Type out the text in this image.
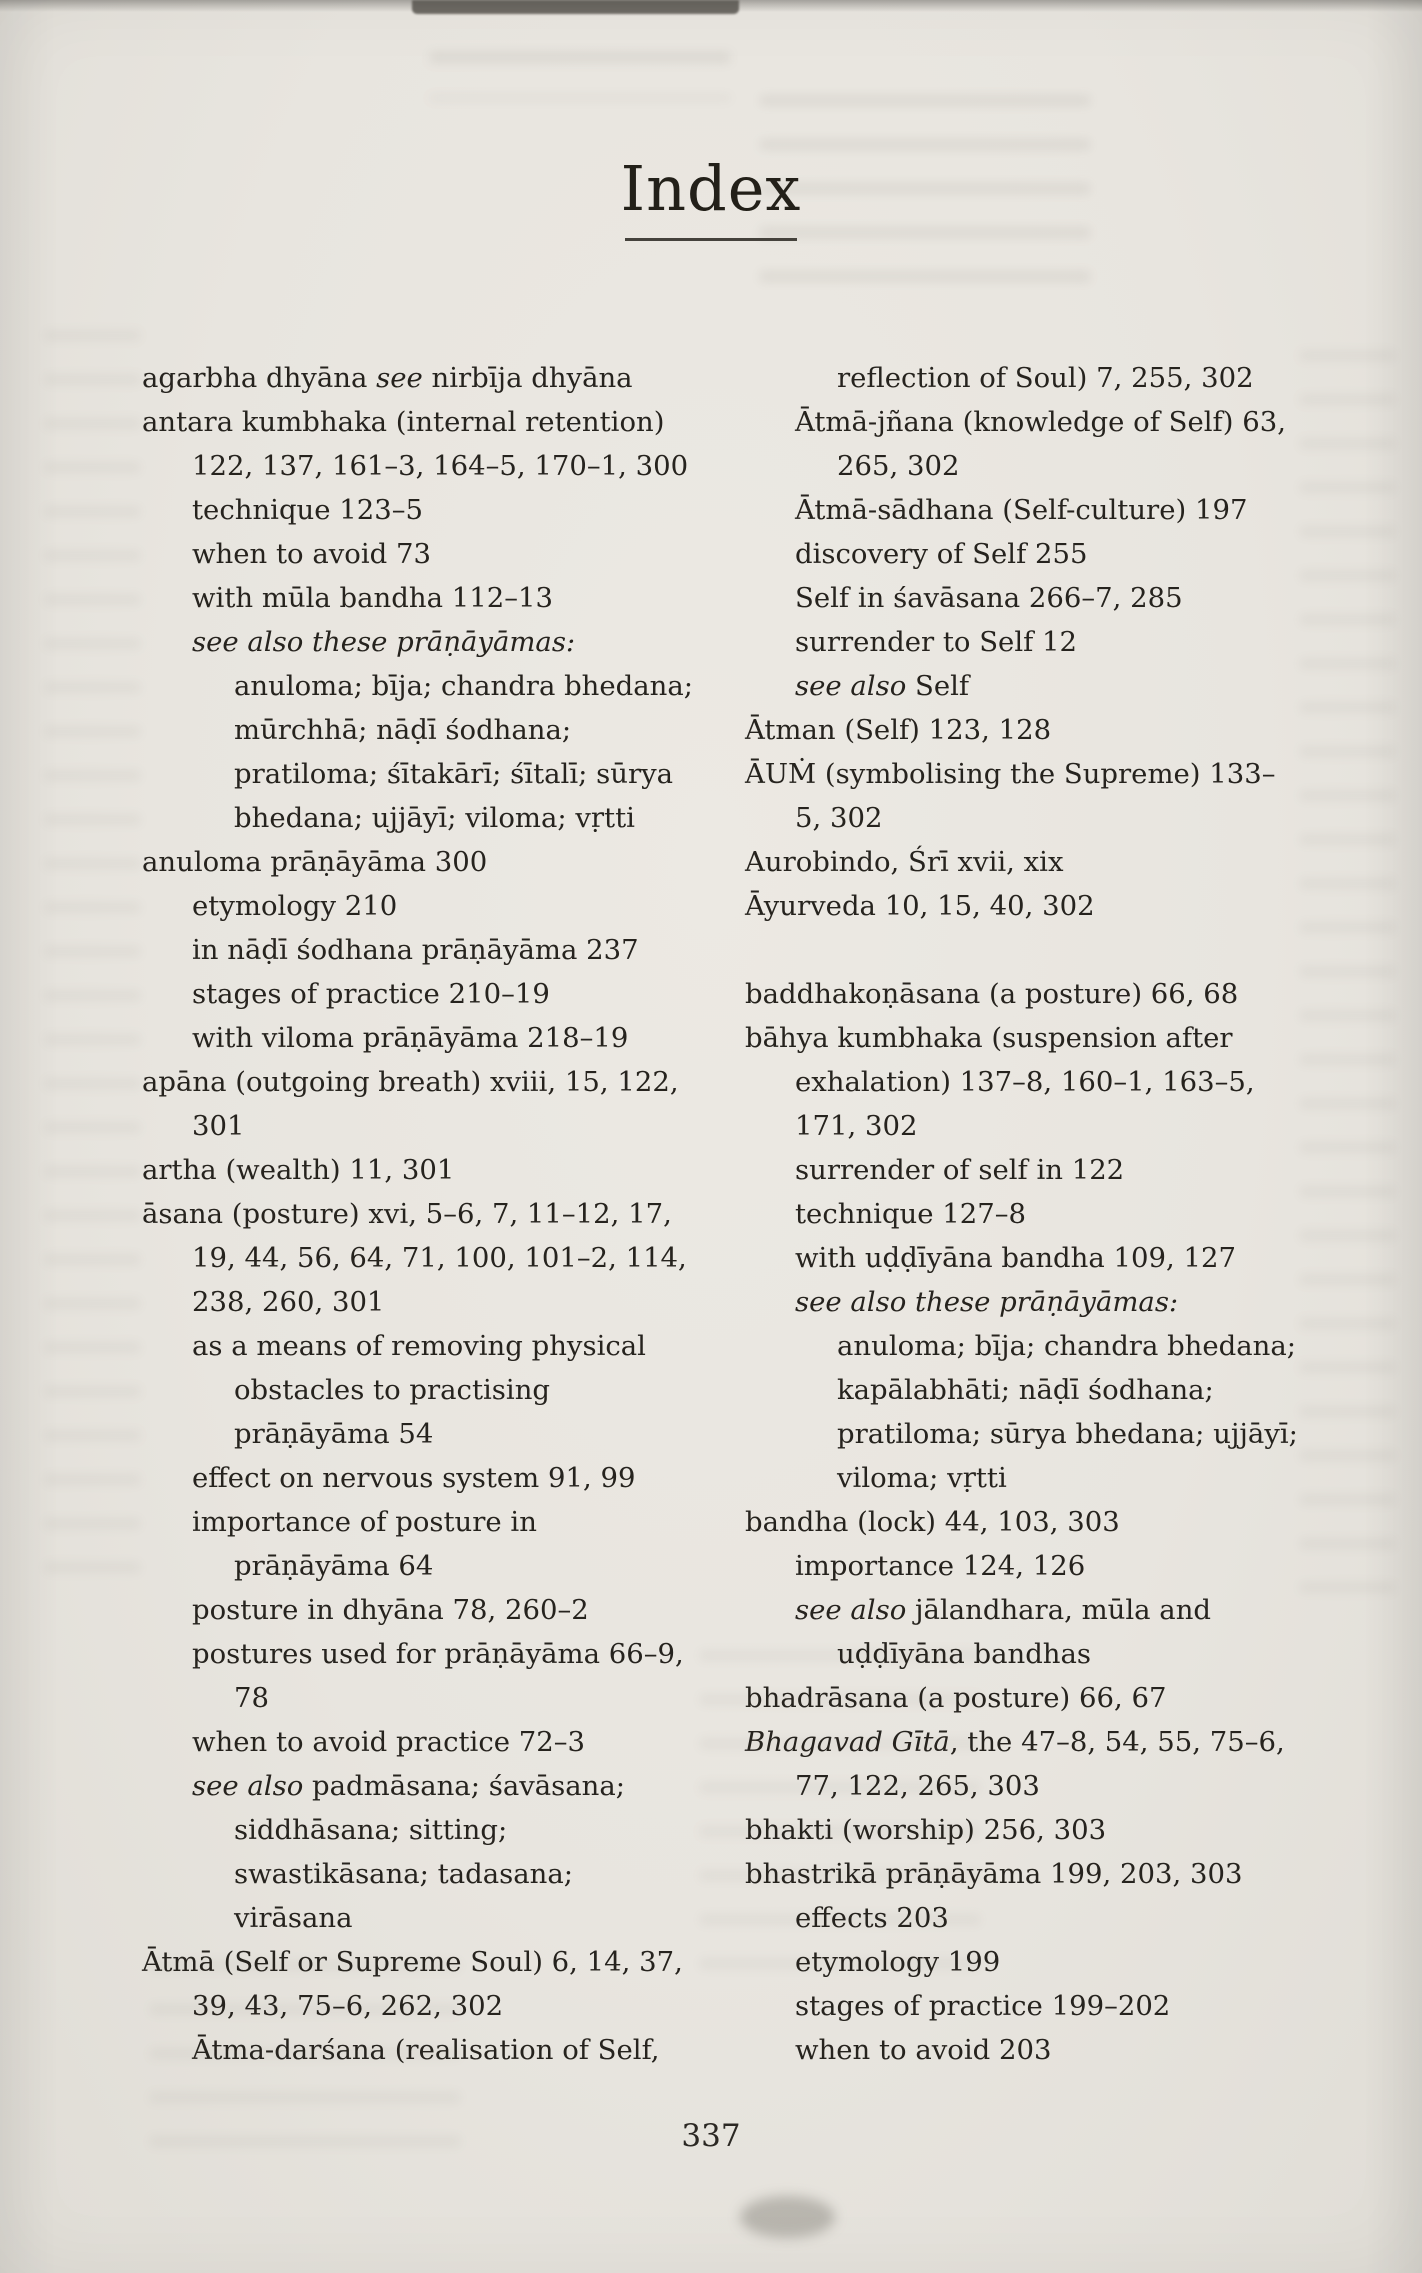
Index
agarbha dhyāna see nirbīja dhyāna
antara kumbhaka (internal retention)
122, 137, 161–3, 164–5, 170–1, 300
technique 123–5
when to avoid 73
with mūla bandha 112–13
see also these prāṇāyāmas:
anuloma; bīja; chandra bhedana;
mūrchhā; nāḍī śodhana;
pratiloma; śītakārī; śītalī; sūrya
bhedana; ujjāyī; viloma; vṛtti
anuloma prāṇāyāma 300
etymology 210
in nāḍī śodhana prāṇāyāma 237
stages of practice 210–19
with viloma prāṇāyāma 218–19
apāna (outgoing breath) xviii, 15, 122,
301
artha (wealth) 11, 301
āsana (posture) xvi, 5–6, 7, 11–12, 17,
19, 44, 56, 64, 71, 100, 101–2, 114,
238, 260, 301
as a means of removing physical
obstacles to practising
prāṇāyāma 54
effect on nervous system 91, 99
importance of posture in
prāṇāyāma 64
posture in dhyāna 78, 260–2
postures used for prāṇāyāma 66–9,
78
when to avoid practice 72–3
see also padmāsana; śavāsana;
siddhāsana; sitting;
swastikāsana; tadasana;
virāsana
Ātmā (Self or Supreme Soul) 6, 14, 37,
39, 43, 75–6, 262, 302
Ātma-darśana (realisation of Self,
reflection of Soul) 7, 255, 302
Ātmā-jñana (knowledge of Self) 63,
265, 302
Ātmā-sādhana (Self-culture) 197
discovery of Self 255
Self in śavāsana 266–7, 285
surrender to Self 12
see also Self
Ātman (Self) 123, 128
ĀUṀ (symbolising the Supreme) 133–
5, 302
Aurobindo, Śrī xvii, xix
Āyurveda 10, 15, 40, 302
baddhakoṇāsana (a posture) 66, 68
bāhya kumbhaka (suspension after
exhalation) 137–8, 160–1, 163–5,
171, 302
surrender of self in 122
technique 127–8
with uḍḍīyāna bandha 109, 127
see also these prāṇāyāmas:
anuloma; bīja; chandra bhedana;
kapālabhāti; nāḍī śodhana;
pratiloma; sūrya bhedana; ujjāyī;
viloma; vṛtti
bandha (lock) 44, 103, 303
importance 124, 126
see also jālandhara, mūla and
uḍḍīyāna bandhas
bhadrāsana (a posture) 66, 67
Bhagavad Gītā, the 47–8, 54, 55, 75–6,
77, 122, 265, 303
bhakti (worship) 256, 303
bhastrikā prāṇāyāma 199, 203, 303
effects 203
etymology 199
stages of practice 199–202
when to avoid 203
337
